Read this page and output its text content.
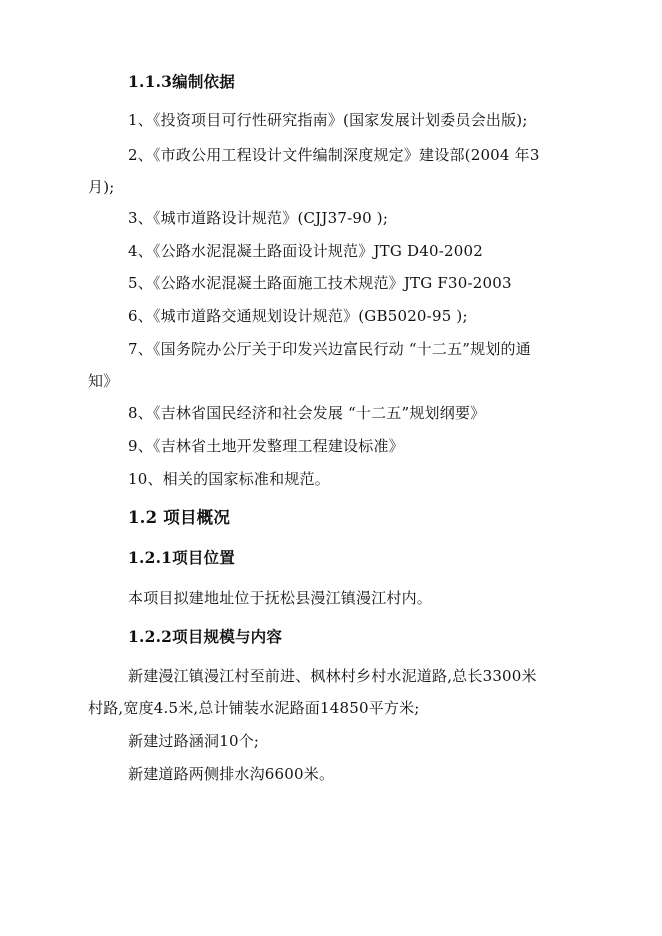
1.1.3编制依据
1、《投资项目可行性研究指南》(国家发展计划委员会出版);
2、《市政公用工程设计文件编制深度规定》建设部(2004 年3
月);
3、《城市道路设计规范》(CJJ37-90 );
4、《公路水泥混凝土路面设计规范》JTG D40-2002
5、《公路水泥混凝土路面施工技术规范》JTG F30-2003
6、《城市道路交通规划设计规范》(GB5020-95 );
7、《国务院办公厅关于印发兴边富民行动 “十二五”规划的通
知》
8、《吉林省国民经济和社会发展 “十二五”规划纲要》
9、《吉林省土地开发整理工程建设标准》
10、相关的国家标准和规范。
1.2 项目概况
1.2.1项目位置
本项目拟建地址位于抚松县漫江镇漫江村内。
1.2.2项目规模与内容
新建漫江镇漫江村至前进、枫林村乡村水泥道路,总长3300米
村路,宽度4.5米,总计铺装水泥路面14850平方米;
新建过路涵洞10个;
新建道路两侧排水沟6600米。
